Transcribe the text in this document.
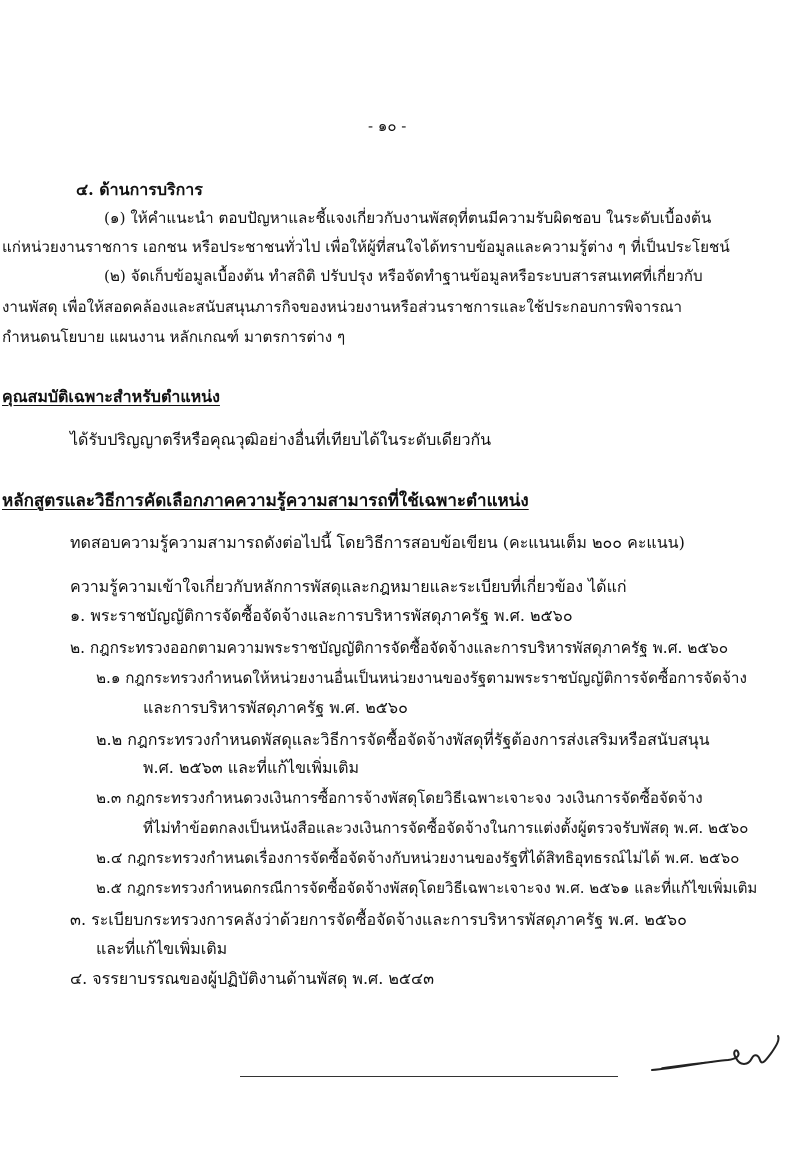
- ๑๐ -
๔. ด้านการบริการ
(๑) ให้คำแนะนำ ตอบปัญหาและชี้แจงเกี่ยวกับงานพัสดุที่ตนมีความรับผิดชอบ ในระดับเบื้องต้น
แก่หน่วยงานราชการ เอกชน หรือประชาชนทั่วไป เพื่อให้ผู้ที่สนใจได้ทราบข้อมูลและความรู้ต่าง ๆ ที่เป็นประโยชน์
(๒) จัดเก็บข้อมูลเบื้องต้น ทำสถิติ ปรับปรุง หรือจัดทำฐานข้อมูลหรือระบบสารสนเทศที่เกี่ยวกับ
งานพัสดุ เพื่อให้สอดคล้องและสนับสนุนภารกิจของหน่วยงานหรือส่วนราชการและใช้ประกอบการพิจารณา
กำหนดนโยบาย แผนงาน หลักเกณฑ์ มาตรการต่าง ๆ
คุณสมบัติเฉพาะสำหรับตำแหน่ง
ได้รับปริญญาตรีหรือคุณวุฒิอย่างอื่นที่เทียบได้ในระดับเดียวกัน
หลักสูตรและวิธีการคัดเลือกภาคความรู้ความสามารถที่ใช้เฉพาะตำแหน่ง
ทดสอบความรู้ความสามารถดังต่อไปนี้ โดยวิธีการสอบข้อเขียน (คะแนนเต็ม ๒๐๐ คะแนน)
ความรู้ความเข้าใจเกี่ยวกับหลักการพัสดุและกฎหมายและระเบียบที่เกี่ยวข้อง ได้แก่
๑. พระราชบัญญัติการจัดซื้อจัดจ้างและการบริหารพัสดุภาครัฐ พ.ศ. ๒๕๖๐
๒. กฎกระทรวงออกตามความพระราชบัญญัติการจัดซื้อจัดจ้างและการบริหารพัสดุภาครัฐ พ.ศ. ๒๕๖๐
๒.๑ กฎกระทรวงกำหนดให้หน่วยงานอื่นเป็นหน่วยงานของรัฐตามพระราชบัญญัติการจัดซื้อการจัดจ้าง
และการบริหารพัสดุภาครัฐ พ.ศ. ๒๕๖๐
๒.๒ กฎกระทรวงกำหนดพัสดุและวิธีการจัดซื้อจัดจ้างพัสดุที่รัฐต้องการส่งเสริมหรือสนับสนุน
พ.ศ. ๒๕๖๓ และที่แก้ไขเพิ่มเติม
๒.๓ กฎกระทรวงกำหนดวงเงินการซื้อการจ้างพัสดุโดยวิธีเฉพาะเจาะจง วงเงินการจัดซื้อจัดจ้าง
ที่ไม่ทำข้อตกลงเป็นหนังสือและวงเงินการจัดซื้อจัดจ้างในการแต่งตั้งผู้ตรวจรับพัสดุ พ.ศ. ๒๕๖๐
๒.๔ กฎกระทรวงกำหนดเรื่องการจัดซื้อจัดจ้างกับหน่วยงานของรัฐที่ได้สิทธิอุทธรณ์ไม่ได้ พ.ศ. ๒๕๖๐
๒.๕ กฎกระทรวงกำหนดกรณีการจัดซื้อจัดจ้างพัสดุโดยวิธีเฉพาะเจาะจง พ.ศ. ๒๕๖๑ และที่แก้ไขเพิ่มเติม
๓. ระเบียบกระทรวงการคลังว่าด้วยการจัดซื้อจัดจ้างและการบริหารพัสดุภาครัฐ พ.ศ. ๒๕๖๐
และที่แก้ไขเพิ่มเติม
๔. จรรยาบรรณของผู้ปฏิบัติงานด้านพัสดุ พ.ศ. ๒๕๔๓
